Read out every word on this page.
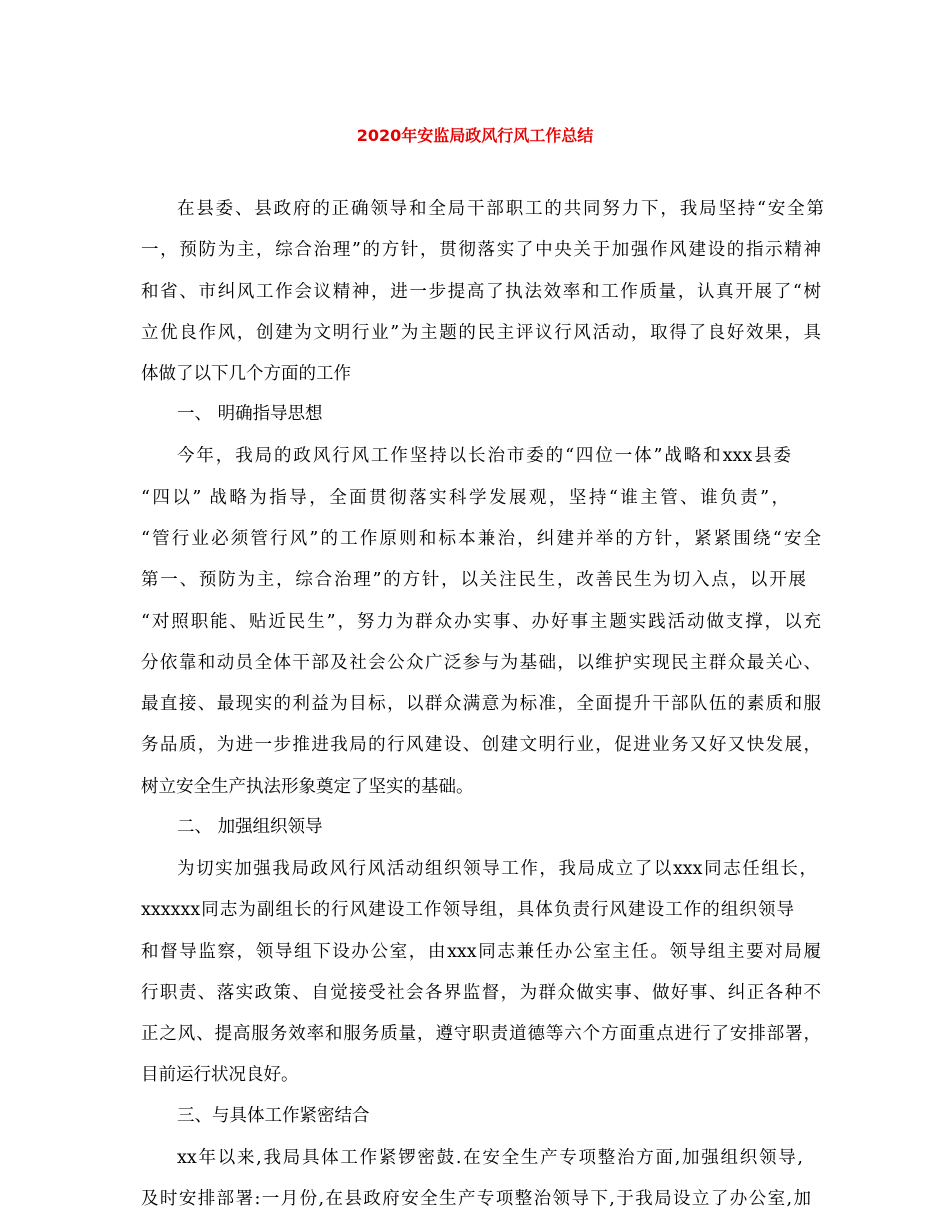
2020年安监局政风行风工作总结
在县委、县政府的正确领导和全局干部职工的共同努力下，我局坚持“安全第
一，预防为主，综合治理”的方针，贯彻落实了中央关于加强作风建设的指示精神
和省、市纠风工作会议精神，进一步提高了执法效率和工作质量，认真开展了“树
立优良作风，创建为文明行业”为主题的民主评议行风活动，取得了良好效果，具
体做了以下几个方面的工作
一、 明确指导思想
今年，我局的政风行风工作坚持以长治市委的“四位一体”战略和xxx县委
“四以” 战略为指导，全面贯彻落实科学发展观，坚持“谁主管、谁负责”，
“管行业必须管行风”的工作原则和标本兼治，纠建并举的方针，紧紧围绕“安全
第一、预防为主，综合治理”的方针，以关注民生，改善民生为切入点，以开展
“对照职能、贴近民生”，努力为群众办实事、办好事主题实践活动做支撑，以充
分依靠和动员全体干部及社会公众广泛参与为基础，以维护实现民主群众最关心、
最直接、最现实的利益为目标，以群众满意为标准，全面提升干部队伍的素质和服
务品质，为进一步推进我局的行风建设、创建文明行业，促进业务又好又快发展，
树立安全生产执法形象奠定了坚实的基础。
二、 加强组织领导
为切实加强我局政风行风活动组织领导工作，我局成立了以xxx同志任组长，
xxxxxx同志为副组长的行风建设工作领导组，具体负责行风建设工作的组织领导
和督导监察，领导组下设办公室，由xxx同志兼任办公室主任。领导组主要对局履
行职责、落实政策、自觉接受社会各界监督，为群众做实事、做好事、纠正各种不
正之风、提高服务效率和服务质量，遵守职责道德等六个方面重点进行了安排部署，
目前运行状况良好。
三、与具体工作紧密结合
xx年以来,我局具体工作紧锣密鼓.在安全生产专项整治方面,加强组织领导,
及时安排部署:一月份,在县政府安全生产专项整治领导下,于我局设立了办公室,加
